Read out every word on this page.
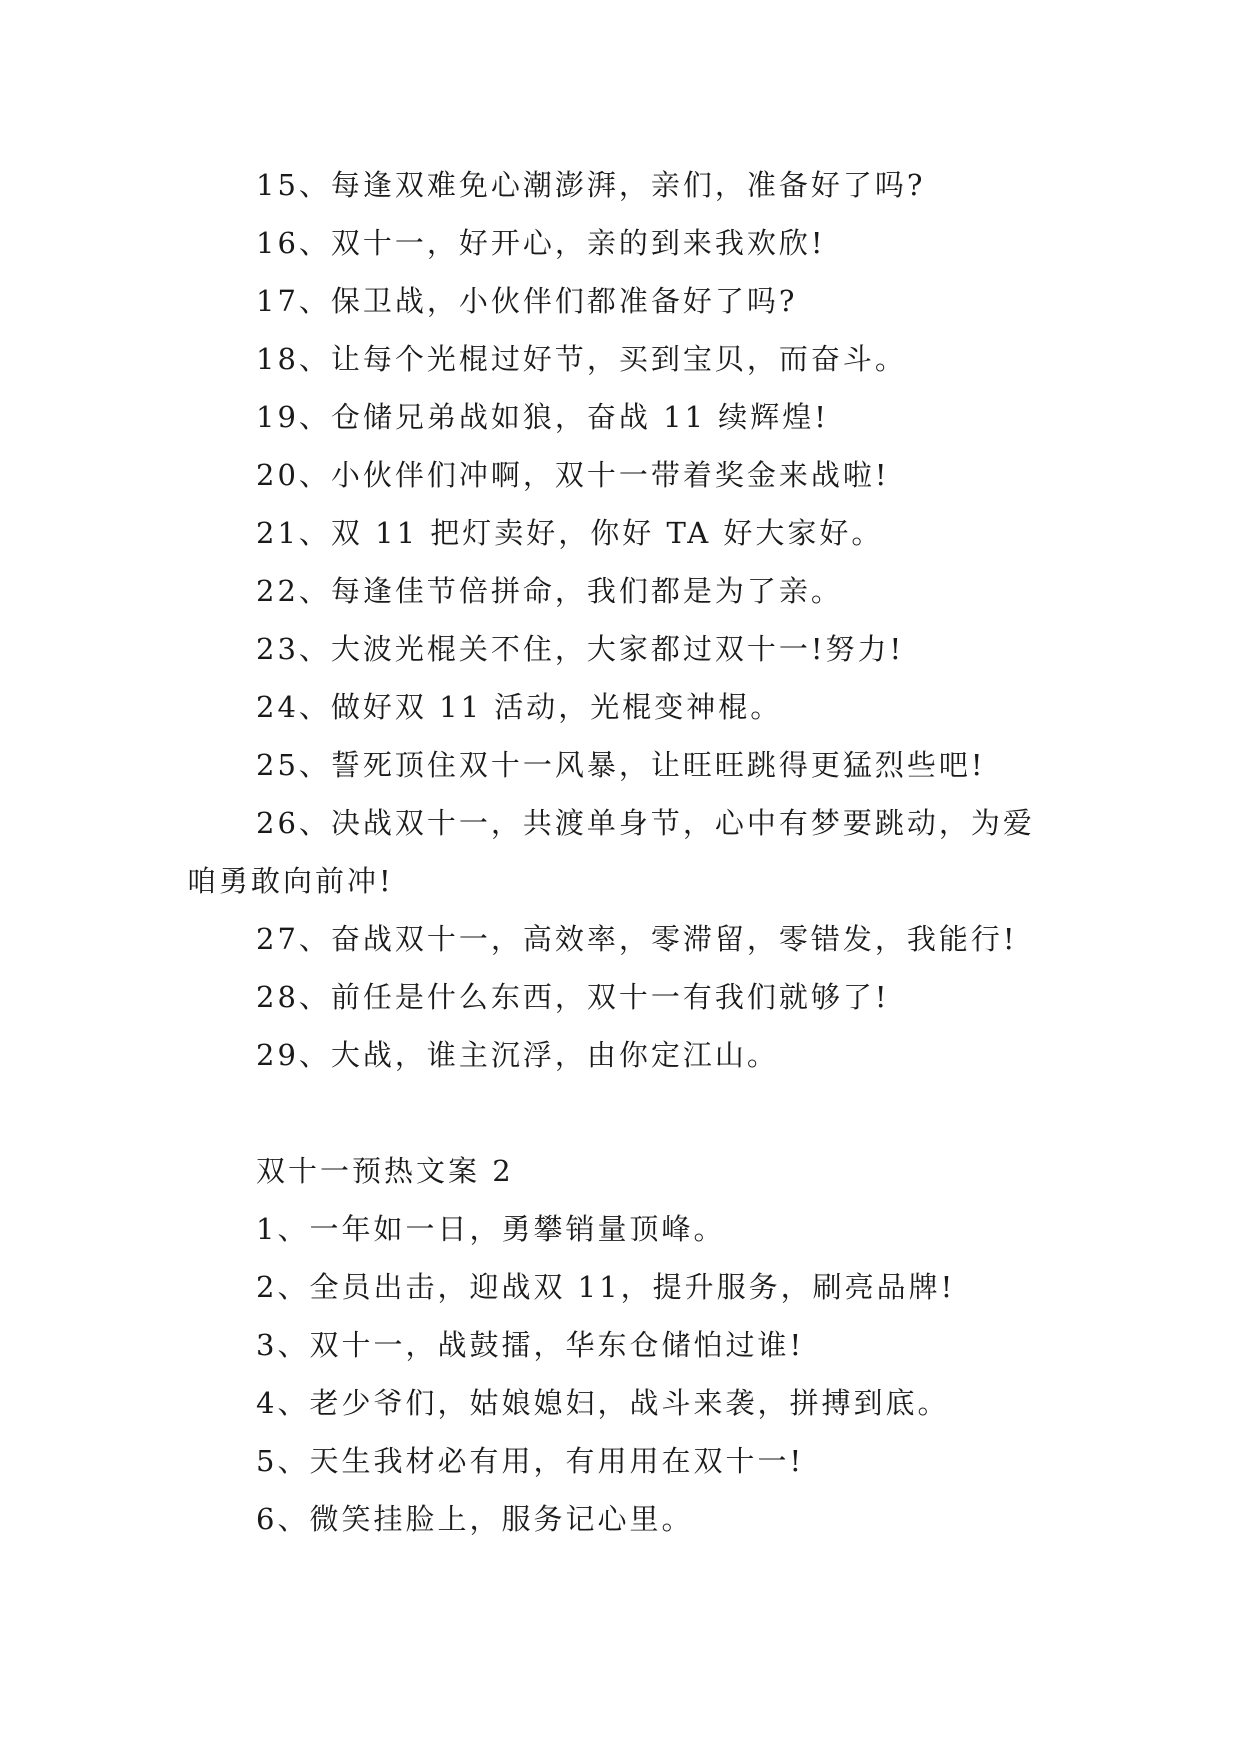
15、每逢双难免心潮澎湃，亲们，准备好了吗?
16、双十一，好开心，亲的到来我欢欣!
17、保卫战，小伙伴们都准备好了吗?
18、让每个光棍过好节，买到宝贝，而奋斗。
19、仓储兄弟战如狼，奋战 11 续辉煌!
20、小伙伴们冲啊，双十一带着奖金来战啦!
21、双 11 把灯卖好，你好 TA 好大家好。
22、每逢佳节倍拼命，我们都是为了亲。
23、大波光棍关不住，大家都过双十一!努力!
24、做好双 11 活动，光棍变神棍。
25、誓死顶住双十一风暴，让旺旺跳得更猛烈些吧!
26、决战双十一，共渡单身节，心中有梦要跳动，为爱
咱勇敢向前冲!
27、奋战双十一，高效率，零滞留，零错发，我能行!
28、前任是什么东西，双十一有我们就够了!
29、大战，谁主沉浮，由你定江山。
双十一预热文案 2
1、一年如一日，勇攀销量顶峰。
2、全员出击，迎战双 11，提升服务，刷亮品牌!
3、双十一，战鼓擂，华东仓储怕过谁!
4、老少爷们，姑娘媳妇，战斗来袭，拼搏到底。
5、天生我材必有用，有用用在双十一!
6、微笑挂脸上，服务记心里。
